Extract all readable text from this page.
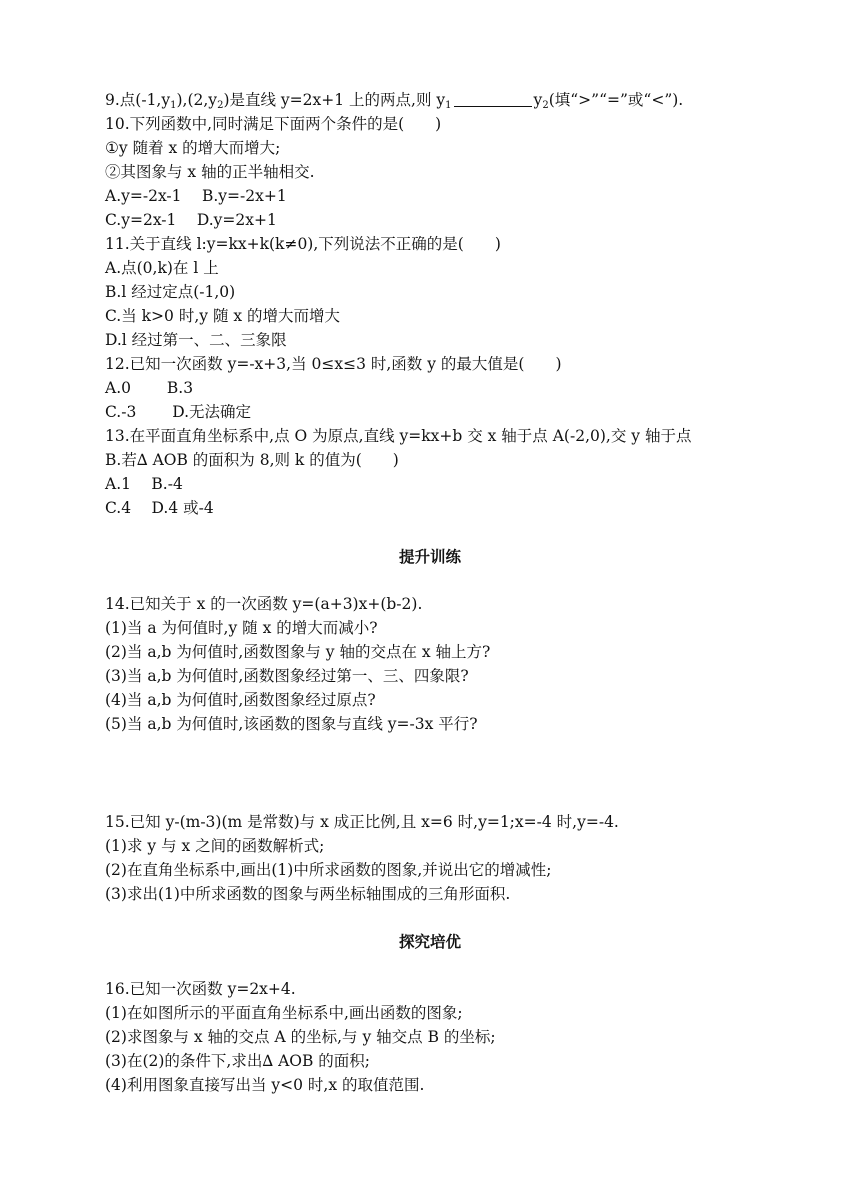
9.点$(-1,y_1),(2,y_2)$是直线 y=2x+1 上的两点,则 $y_1$	$y_2$(填“>”“=”或“<”).
10.下列函数中,同时满足下面两个条件的是(　　)
①y 随着 x 的增大而增大;
②其图象与 x 轴的正半轴相交.
A.y=-2x-1　 B.y=-2x+1
C.y=2x-1　 D.y=2x+1
11.关于直线 l:y=kx+k(k≠0),下列说法不正确的是(　　)
A.点(0,k)在 l 上
B.l 经过定点(-1,0)
C.当 k>0 时,y 随 x 的增大而增大
D.l 经过第一、二、三象限
12.已知一次函数 y=-x+3,当 0≤x≤3 时,函数 y 的最大值是(　　)
A.0　　 B.3
C.-3　　 D.无法确定
13.在平面直角坐标系中,点 O 为原点,直线 y=kx+b 交 x 轴于点 A(-2,0),交 y 轴于点
B.若∆ AOB 的面积为 8,则 k 的值为(　　)
A.1　 B.-4
C.4　 D.4 或-4
提升训练
14.已知关于 x 的一次函数 y=(a+3)x+(b-2).
(1)当 a 为何值时,y 随 x 的增大而减小?
(2)当 a,b 为何值时,函数图象与 y 轴的交点在 x 轴上方?
(3)当 a,b 为何值时,函数图象经过第一、三、四象限?
(4)当 a,b 为何值时,函数图象经过原点?
(5)当 a,b 为何值时,该函数的图象与直线 y=-3x 平行?
15.已知 y-(m-3)(m 是常数)与 x 成正比例,且 x=6 时,y=1;x=-4 时,y=-4.
(1)求 y 与 x 之间的函数解析式;
(2)在直角坐标系中,画出(1)中所求函数的图象,并说出它的增减性;
(3)求出(1)中所求函数的图象与两坐标轴围成的三角形面积.
探究培优
16.已知一次函数 y=2x+4.
(1)在如图所示的平面直角坐标系中,画出函数的图象;
(2)求图象与 x 轴的交点 A 的坐标,与 y 轴交点 B 的坐标;
(3)在(2)的条件下,求出∆ AOB 的面积;
(4)利用图象直接写出当 y<0 时,x 的取值范围.
